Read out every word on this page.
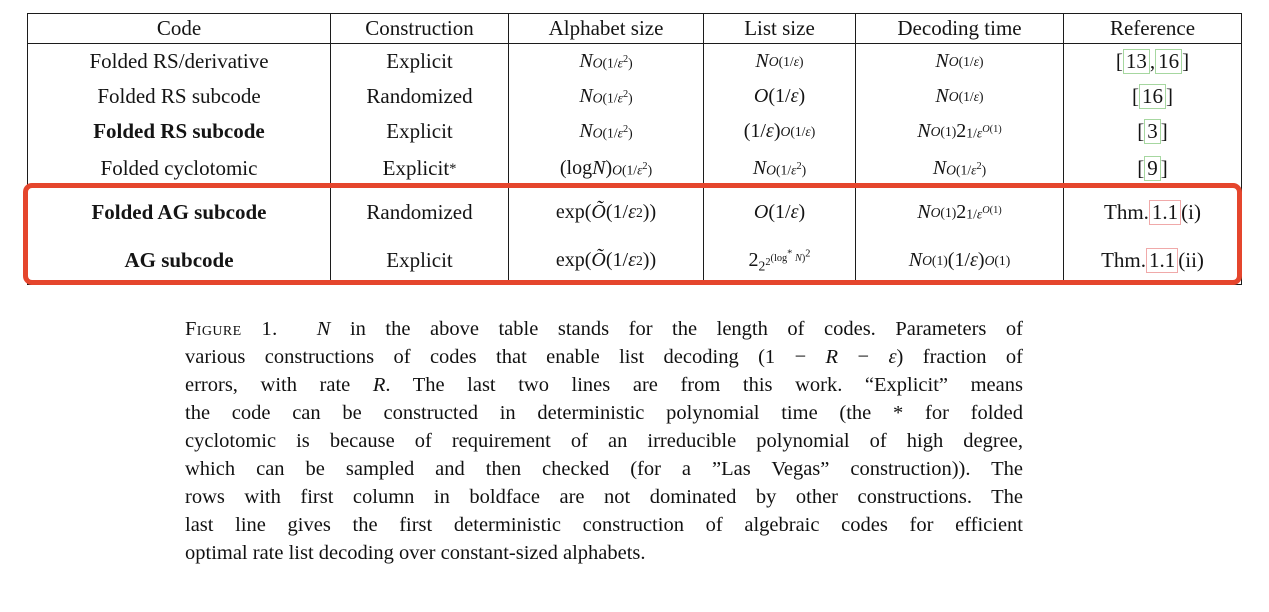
Code	Construction	Alphabet size	List size	Decoding time	Reference
Folded RS/derivative	Explicit	N $O(1/\varepsilon^2)$	N O(1/ε)	N O(1/ε)	[ 13 , 16 ]
Folded RS subcode	Randomized	N $O(1/\varepsilon^2)$	O (1/ ε )	N O(1/ε)	[ 16 ]
Folded RS subcode	Explicit	N $O(1/\varepsilon^2)$	(1/ ε ) O(1/ε)	N O(1) 2 $1/\varepsilon^{O(1)}$	[ 3 ]
Folded cyclotomic	Explicit *	(log N ) $O(1/\varepsilon^2)$	N $O(1/\varepsilon^2)$	N $O(1/\varepsilon^2)$	[ 9 ]
Folded AG subcode	Randomized	exp( Õ (1/ ε 2 ))	O (1/ ε )	N O(1) 2 $1/\varepsilon^{O(1)}$	Thm. 1.1 (i)
AG subcode	Explicit	exp( Õ (1/ ε 2 ))	2 $2^{2^{(log^* N)^2}}$	N O(1) (1/ ε ) O(1)	Thm. 1.1 (ii)
Figure 1. N in the above table stands for the length of codes. Parameters of
various constructions of codes that enable list decoding (1 − R − ε) fraction of
errors, with rate R. The last two lines are from this work. “Explicit” means
the code can be constructed in deterministic polynomial time (the * for folded
cyclotomic is because of requirement of an irreducible polynomial of high degree,
which can be sampled and then checked (for a ”Las Vegas” construction)). The
rows with first column in boldface are not dominated by other constructions. The
last line gives the first deterministic construction of algebraic codes for efficient
optimal rate list decoding over constant-sized alphabets.
